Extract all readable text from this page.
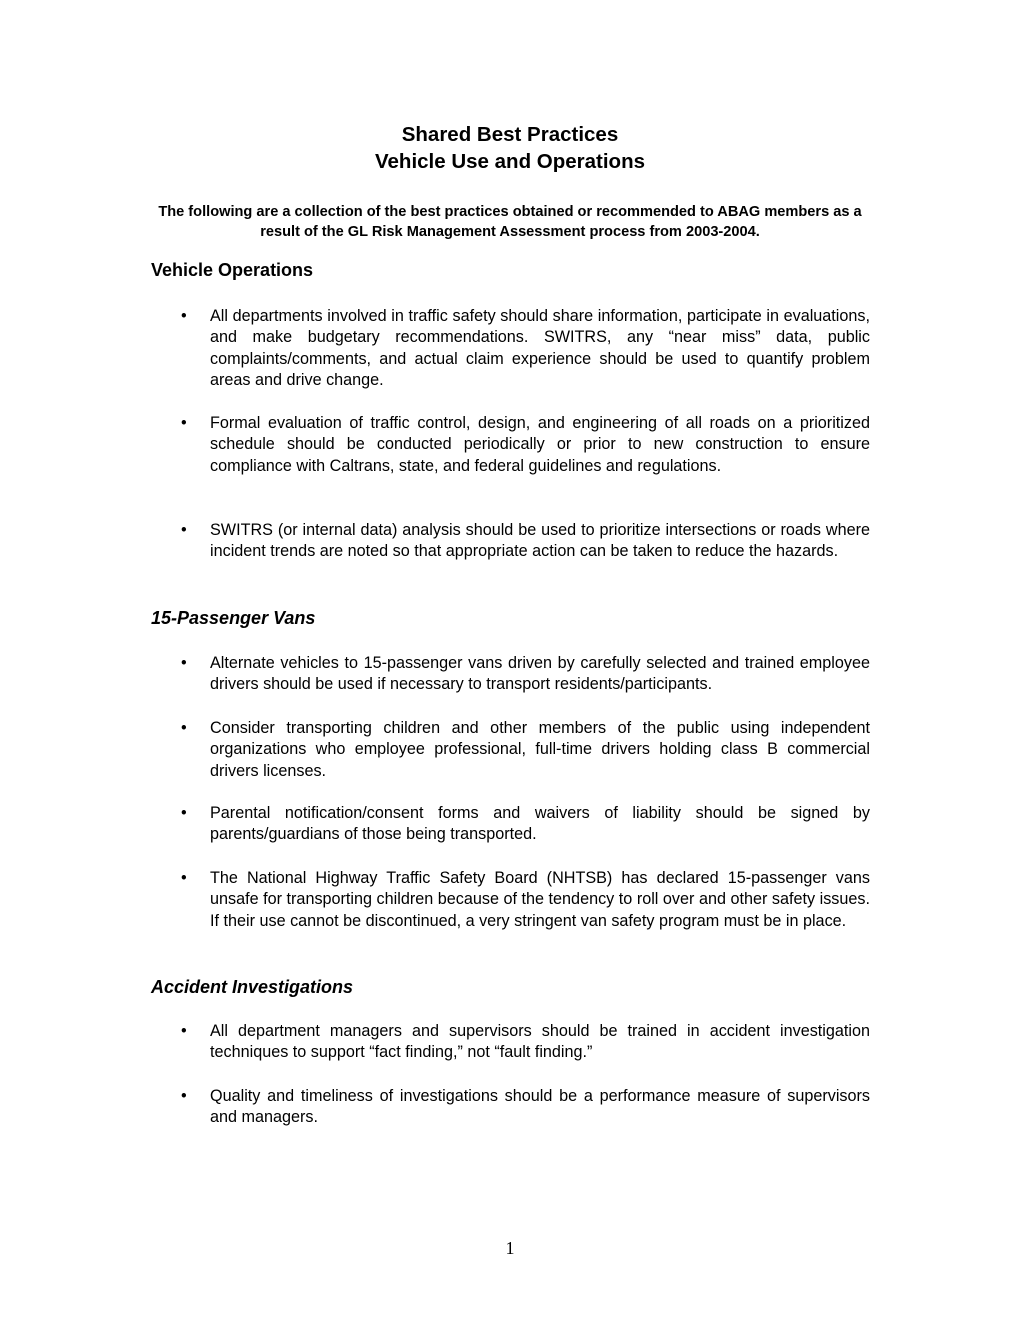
Shared Best Practices
Vehicle Use and Operations
The following are a collection of the best practices obtained or recommended to ABAG members as a result of the GL Risk Management Assessment process from 2003-2004.
Vehicle Operations
•	All departments involved in traffic safety should share information, participate in evaluations, and make budgetary recommendations. SWITRS, any “near miss” data, public complaints/comments, and actual claim experience should be used to quantify problem areas and drive change.
•	Formal evaluation of traffic control, design, and engineering of all roads on a prioritized schedule should be conducted periodically or prior to new construction to ensure compliance with Caltrans, state, and federal guidelines and regulations.
•	SWITRS (or internal data) analysis should be used to prioritize intersections or roads where incident trends are noted so that appropriate action can be taken to reduce the hazards.
15-Passenger Vans
•	Alternate vehicles to 15-passenger vans driven by carefully selected and trained employee drivers should be used if necessary to transport residents/participants.
•	Consider transporting children and other members of the public using independent organizations who employee professional, full-time drivers holding class B commercial drivers licenses.
•	Parental notification/consent forms and waivers of liability should be signed by parents/guardians of those being transported.
•	The National Highway Traffic Safety Board (NHTSB) has declared 15-passenger vans unsafe for transporting children because of the tendency to roll over and other safety issues. If their use cannot be discontinued, a very stringent van safety program must be in place.
Accident Investigations
•	All department managers and supervisors should be trained in accident investigation techniques to support “fact finding,” not “fault finding.”
•	Quality and timeliness of investigations should be a performance measure of supervisors and managers.
1
